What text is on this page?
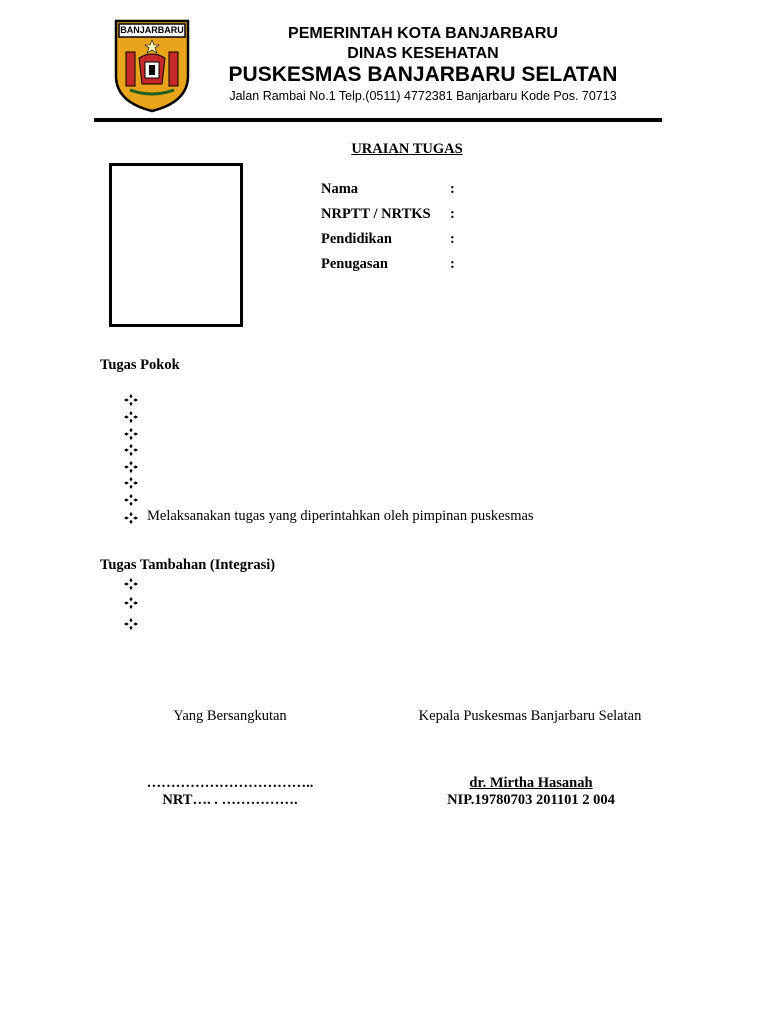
BANJARBARU	PEMERINTAH KOTA BANJARBARU
DINAS KESEHATAN
PUSKESMAS BANJARBARU SELATAN
Jalan Rambai No.1 Telp.(0511) 4772381 Banjarbaru Kode Pos. 70713
URAIAN TUGAS
Nama	:
NRPTT / NRTKS :
Pendidikan	:
Penugasan	:
Tugas Pokok
Melaksanakan tugas yang diperintahkan oleh pimpinan puskesmas
Tugas Tambahan (Integrasi)
Yang Bersangkutan	Kepala Puskesmas Banjarbaru Selatan
……………………………..
NRT…. . …………….
dr. Mirtha Hasanah
NIP.19780703 201101 2 004
